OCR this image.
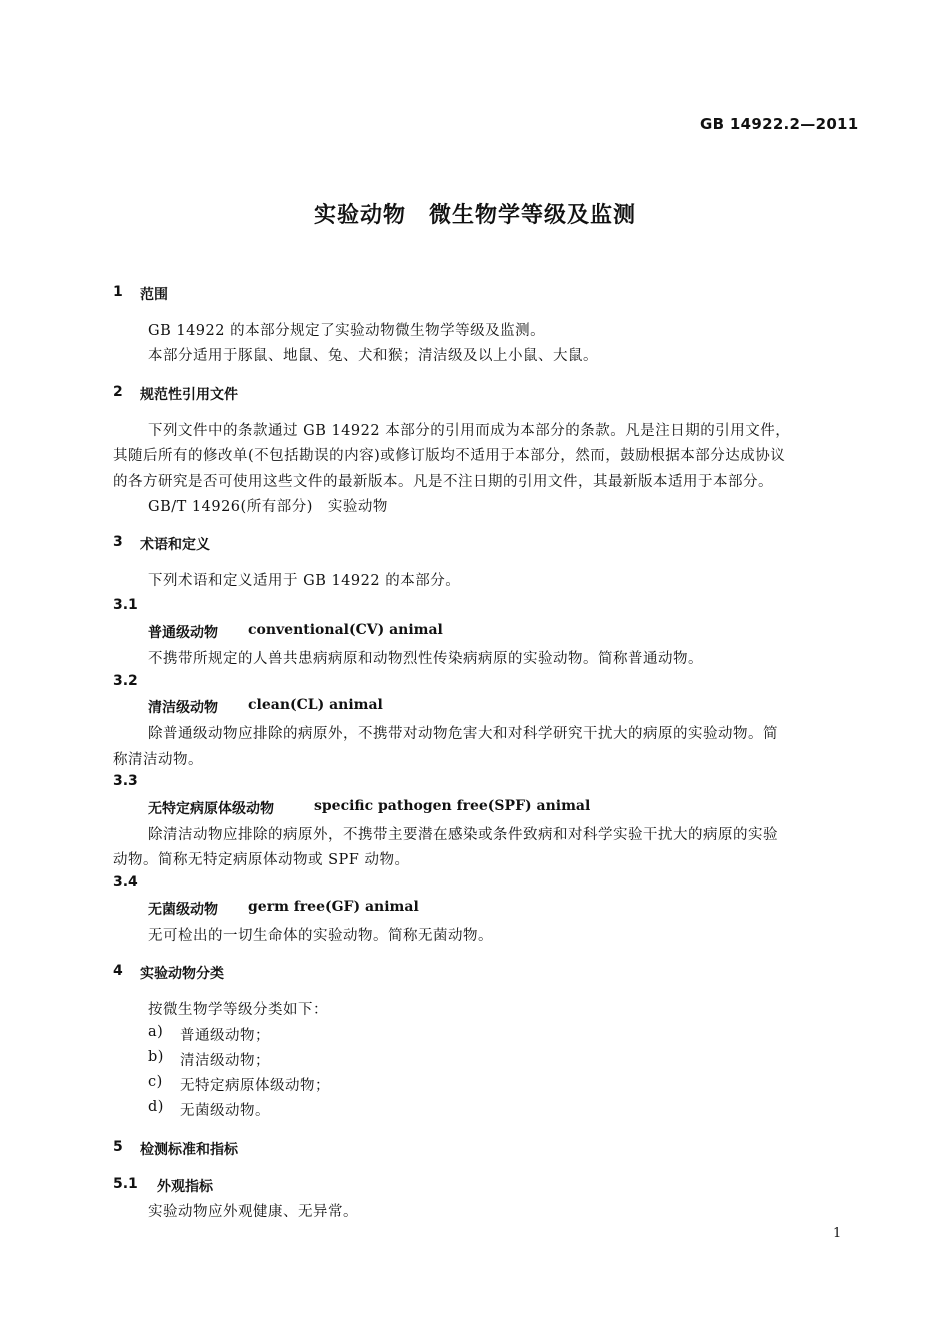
GB 14922.2—2011
实验动物　微生物学等级及监测
1 范围
GB 14922 的本部分规定了实验动物微生物学等级及监测。
本部分适用于豚鼠、地鼠、兔、犬和猴；清洁级及以上小鼠、大鼠。
2 规范性引用文件
下列文件中的条款通过 GB 14922 本部分的引用而成为本部分的条款。凡是注日期的引用文件，
其随后所有的修改单(不包括勘误的内容)或修订版均不适用于本部分，然而，鼓励根据本部分达成协议
的各方研究是否可使用这些文件的最新版本。凡是不注日期的引用文件，其最新版本适用于本部分。
GB/T 14926(所有部分)　实验动物
3 术语和定义
下列术语和定义适用于 GB 14922 的本部分。
3.1
普通级动物 conventional(CV) animal
不携带所规定的人兽共患病病原和动物烈性传染病病原的实验动物。简称普通动物。
3.2
清洁级动物 clean(CL) animal
除普通级动物应排除的病原外，不携带对动物危害大和对科学研究干扰大的病原的实验动物。简
称清洁动物。
3.3
无特定病原体级动物	specific pathogen free(SPF) animal
除清洁动物应排除的病原外，不携带主要潜在感染或条件致病和对科学实验干扰大的病原的实验
动物。简称无特定病原体动物或 SPF 动物。
3.4
无菌级动物 germ free(GF) animal
无可检出的一切生命体的实验动物。简称无菌动物。
4 实验动物分类
按微生物学等级分类如下：
a) 普通级动物；
b) 清洁级动物；
c) 无特定病原体级动物；
d) 无菌级动物。
5 检测标准和指标
5.1 外观指标
实验动物应外观健康、无异常。
1
